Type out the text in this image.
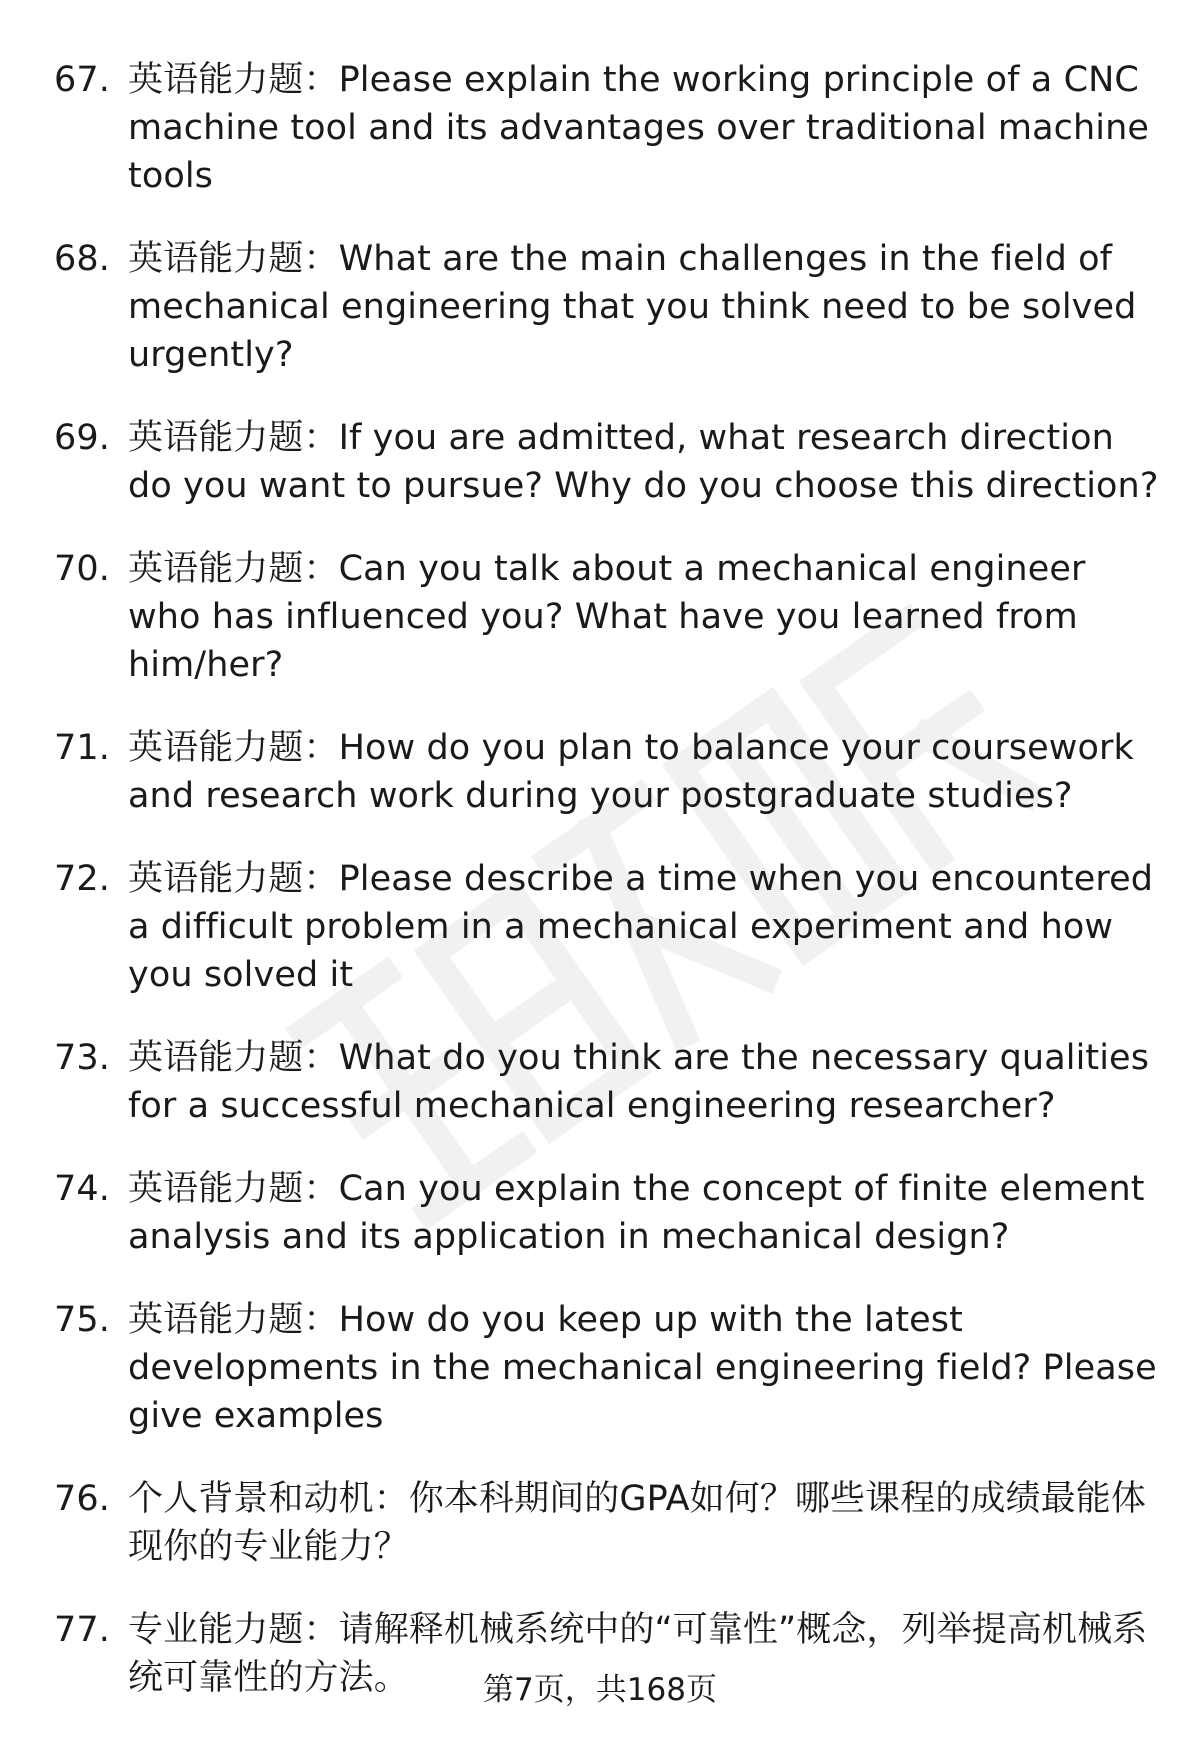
67. 英语能力题：Please explain the working principle of a CNC machine tool and its advantages over traditional machine tools
68. 英语能力题：What are the main challenges in the field of mechanical engineering that you think need to be solved urgently?
69. 英语能力题：If you are admitted, what research direction do you want to pursue? Why do you choose this direction?
70. 英语能力题：Can you talk about a mechanical engineer who has influenced you? What have you learned from him/her?
71. 英语能力题：How do you plan to balance your coursework and research work during your postgraduate studies?
72. 英语能力题：Please describe a time when you encountered a difficult problem in a mechanical experiment and how you solved it
73. 英语能力题：What do you think are the necessary qualities for a successful mechanical engineering researcher?
74. 英语能力题：Can you explain the concept of finite element analysis and its application in mechanical design?
75. 英语能力题：How do you keep up with the latest developments in the mechanical engineering field? Please give examples
76. 个人背景和动机：你本科期间的GPA如何？哪些课程的成绩最能体现你的专业能力？
77. 专业能力题：请解释机械系统中的“可靠性”概念，列举提高机械系统可靠性的方法。	第7页，共168页
